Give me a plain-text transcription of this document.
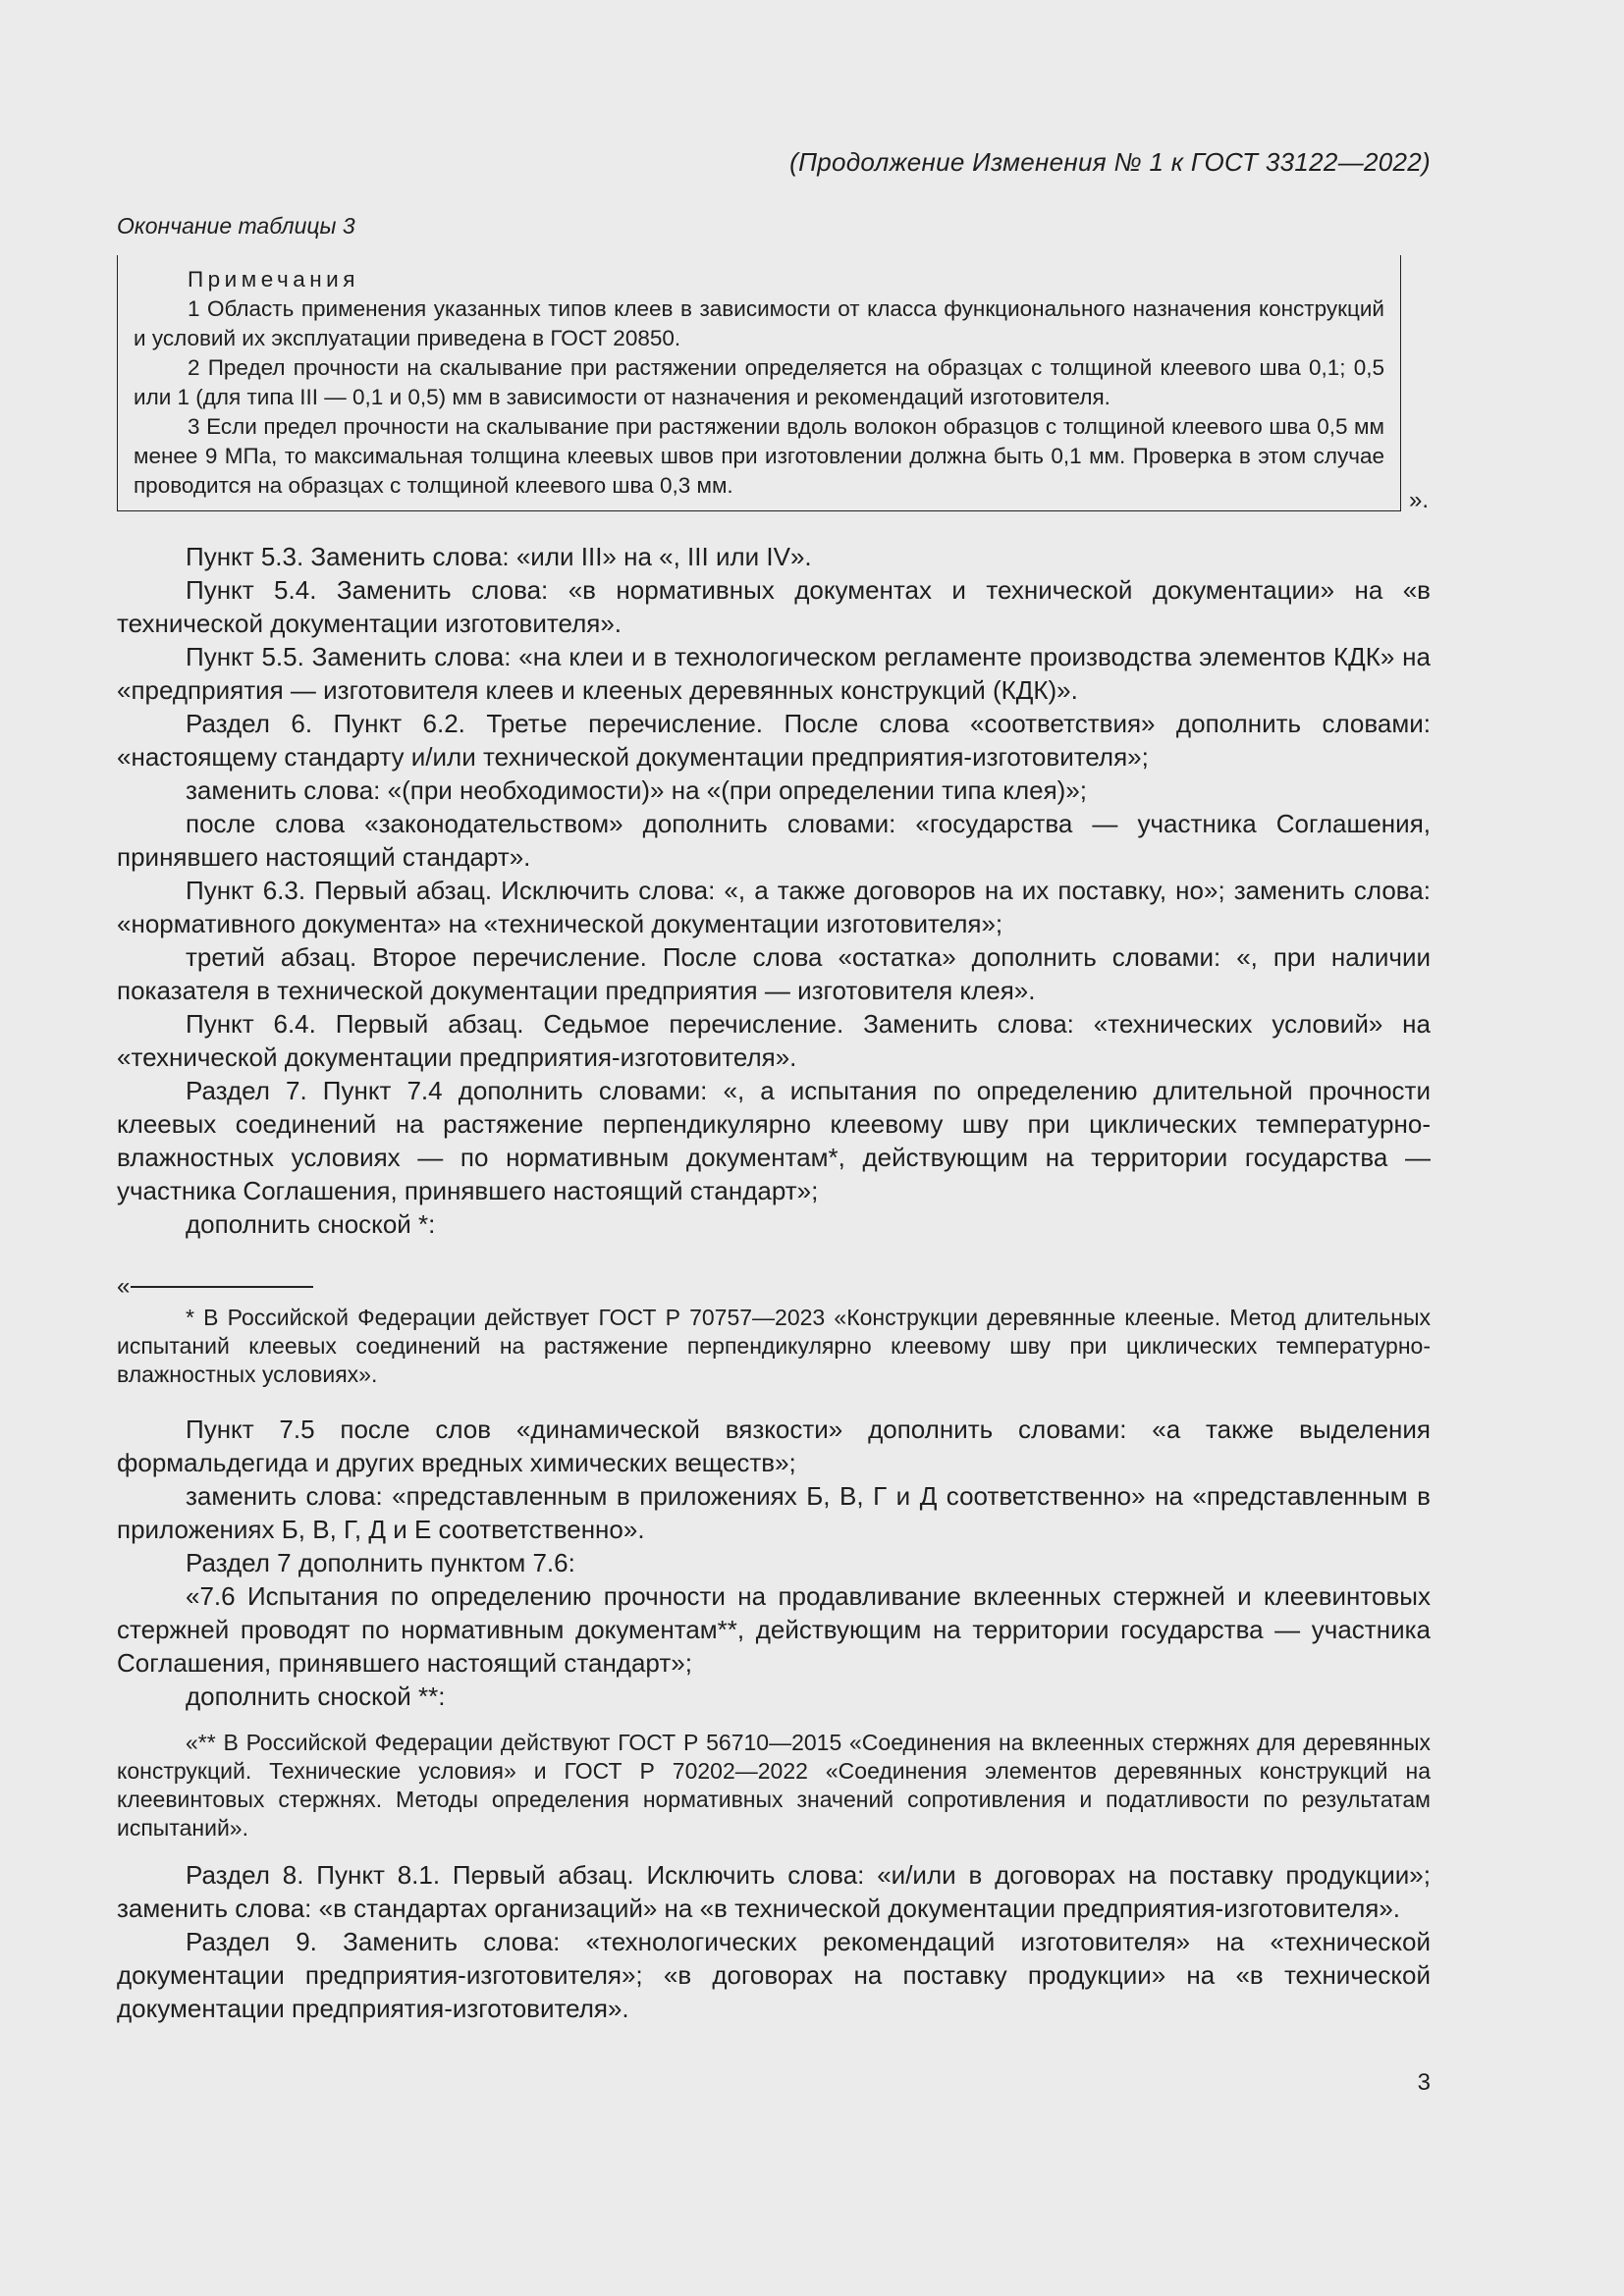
(Продолжение Изменения № 1 к ГОСТ 33122—2022)
Окончание таблицы 3

Примечания

1 Область применения указанных типов клеев в зависимости от класса функционального назначения конструкций и условий их эксплуатации приведена в ГОСТ 20850.

2 Предел прочности на скалывание при растяжении определяется на образцах с толщиной клеевого шва 0,1; 0,5 или 1 (для типа III — 0,1 и 0,5) мм в зависимости от назначения и рекомендаций изготовителя.

3 Если предел прочности на скалывание при растяжении вдоль волокон образцов с толщиной клеевого шва 0,5 мм менее 9 МПа, то максимальная толщина клеевых швов при изготовлении должна быть 0,1 мм. Проверка в этом случае проводится на образцах с толщиной клеевого шва 0,3 мм.

».

Пункт 5.3. Заменить слова: «или III» на «, III или IV».

Пункт 5.4. Заменить слова: «в нормативных документах и технической документации» на «в технической документации изготовителя».

Пункт 5.5. Заменить слова: «на клеи и в технологическом регламенте производства элементов КДК» на «предприятия — изготовителя клеев и клееных деревянных конструкций (КДК)».

Раздел 6. Пункт 6.2. Третье перечисление. После слова «соответствия» дополнить словами: «настоящему стандарту и/или технической документации предприятия-изготовителя»;

заменить слова: «(при необходимости)» на «(при определении типа клея)»;

после слова «законодательством» дополнить словами: «государства — участника Соглашения, принявшего настоящий стандарт».

Пункт 6.3. Первый абзац. Исключить слова: «, а также договоров на их поставку, но»; заменить слова: «нормативного документа» на «технической документации изготовителя»;

третий абзац. Второе перечисление. После слова «остатка» дополнить словами: «, при наличии показателя в технической документации предприятия — изготовителя клея».

Пункт 6.4. Первый абзац. Седьмое перечисление. Заменить слова: «технических условий» на «технической документации предприятия-изготовителя».

Раздел 7. Пункт 7.4 дополнить словами: «, а испытания по определению длительной прочности клеевых соединений на растяжение перпендикулярно клеевому шву при циклических температурно-влажностных условиях — по нормативным документам*, действующим на территории государства — участника Соглашения, принявшего настоящий стандарт»;

дополнить сноской *:

«

* В Российской Федерации действует ГОСТ Р 70757—2023 «Конструкции деревянные клееные. Метод длительных испытаний клеевых соединений на растяжение перпендикулярно клеевому шву при циклических температурно-влажностных условиях».

Пункт 7.5 после слов «динамической вязкости» дополнить словами: «а также выделения формальдегида и других вредных химических веществ»;

заменить слова: «представленным в приложениях Б, В, Г и Д соответственно» на «представленным в приложениях Б, В, Г, Д и Е соответственно».

Раздел 7 дополнить пунктом 7.6:

«7.6 Испытания по определению прочности на продавливание вклеенных стержней и клеевинтовых стержней проводят по нормативным документам**, действующим на территории государства — участника Соглашения, принявшего настоящий стандарт»;

дополнить сноской **:

«** В Российской Федерации действуют ГОСТ Р 56710—2015 «Соединения на вклеенных стержнях для деревянных конструкций. Технические условия» и ГОСТ Р 70202—2022 «Соединения элементов деревянных конструкций на клеевинтовых стержнях. Методы определения нормативных значений сопротивления и податливости по результатам испытаний».

Раздел 8. Пункт 8.1. Первый абзац. Исключить слова: «и/или в договорах на поставку продукции»; заменить слова: «в стандартах организаций» на «в технической документации предприятия-изготовителя».

Раздел 9. Заменить слова: «технологических рекомендаций изготовителя» на «технической документации предприятия-изготовителя»; «в договорах на поставку продукции» на «в технической документации предприятия-изготовителя».

3
